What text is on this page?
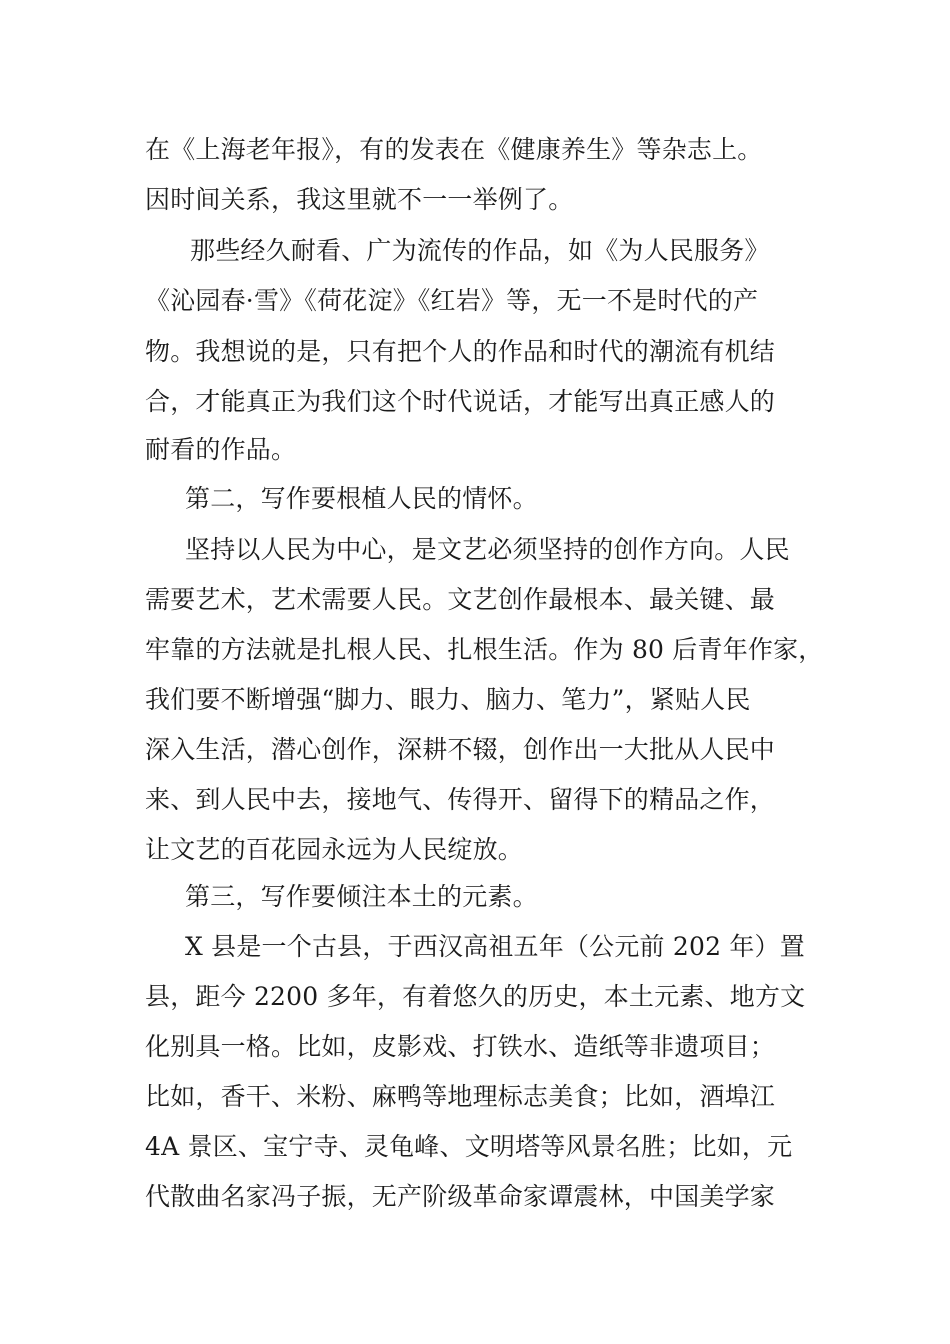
在《上海老年报》，有的发表在《健康养生》等杂志上。
因时间关系，我这里就不一一举例了。
那些经久耐看、广为流传的作品，如《为人民服务》
《沁园春·雪》《荷花淀》《红岩》等，无一不是时代的产
物。我想说的是，只有把个人的作品和时代的潮流有机结
合，才能真正为我们这个时代说话，才能写出真正感人的
耐看的作品。
第二，写作要根植人民的情怀。
坚持以人民为中心，是文艺必须坚持的创作方向。人民
需要艺术，艺术需要人民。文艺创作最根本、最关键、最
牢靠的方法就是扎根人民、扎根生活。作为 80 后青年作家，
我们要不断增强“脚力、眼力、脑力、笔力”，紧贴人民
深入生活，潜心创作，深耕不辍，创作出一大批从人民中
来、到人民中去，接地气、传得开、留得下的精品之作，
让文艺的百花园永远为人民绽放。
第三，写作要倾注本土的元素。
X 县是一个古县，于西汉高祖五年（公元前 202 年）置
县，距今 2200 多年，有着悠久的历史，本土元素、地方文
化别具一格。比如，皮影戏、打铁水、造纸等非遗项目；
比如，香干、米粉、麻鸭等地理标志美食；比如，酒埠江
4A 景区、宝宁寺、灵龟峰、文明塔等风景名胜；比如，元
代散曲名家冯子振，无产阶级革命家谭震林，中国美学家
